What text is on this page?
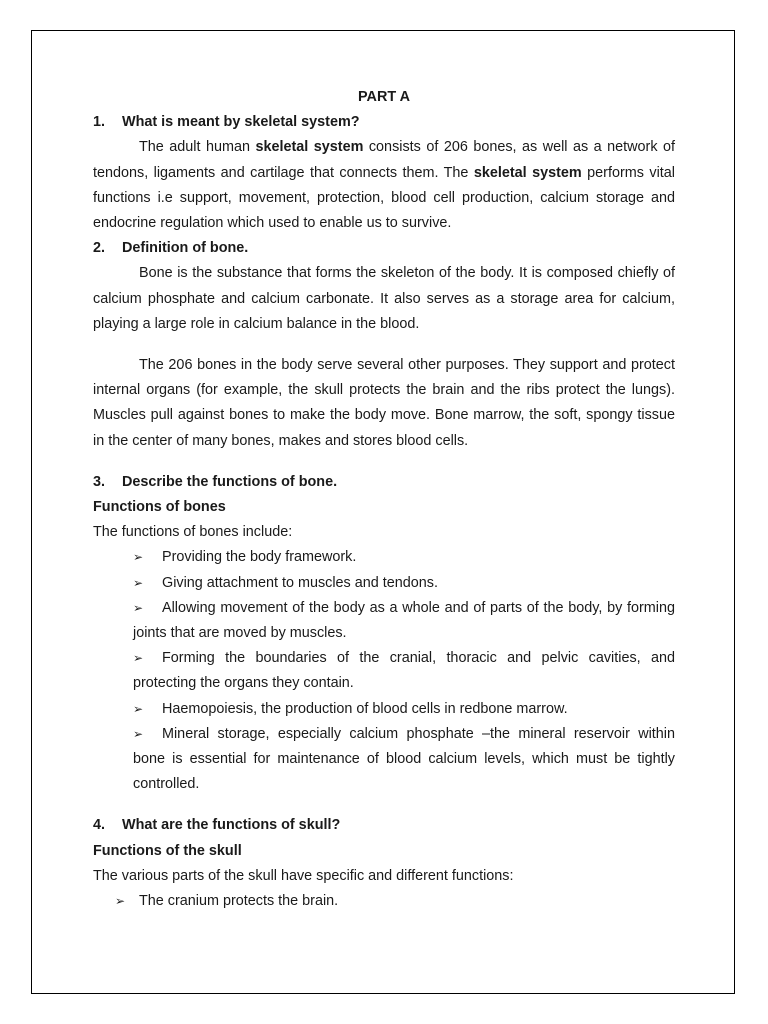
PART A

1.	What is meant by skeletal system?

The adult human skeletal system consists of 206 bones, as well as a network of tendons, ligaments and cartilage that connects them. The skeletal system performs vital functions i.e support, movement, protection, blood cell production, calcium storage and endocrine regulation which used to enable us to survive.

2.	Definition of bone.

Bone is the substance that forms the skeleton of the body. It is composed chiefly of calcium phosphate and calcium carbonate. It also serves as a storage area for calcium, playing a large role in calcium balance in the blood.

The 206 bones in the body serve several other purposes. They support and protect internal organs (for example, the skull protects the brain and the ribs protect the lungs). Muscles pull against bones to make the body move. Bone marrow, the soft, spongy tissue in the center of many bones, makes and stores blood cells.

3.	Describe the functions of bone.

Functions of bones

The functions of bones include:

➢ Providing the body framework.
➢ Giving attachment to muscles and tendons.
➢ Allowing movement of the body as a whole and of parts of the body, by forming joints that are moved by muscles.
➢ Forming the boundaries of the cranial, thoracic and pelvic cavities, and protecting the organs they contain.
➢ Haemopoiesis, the production of blood cells in redbone marrow.
➢ Mineral storage, especially calcium phosphate –the mineral reservoir within bone is essential for maintenance of blood calcium levels, which must be tightly controlled.

4.	What are the functions of skull?

Functions of the skull

The various parts of the skull have specific and different functions:

➢ The cranium protects the brain.
